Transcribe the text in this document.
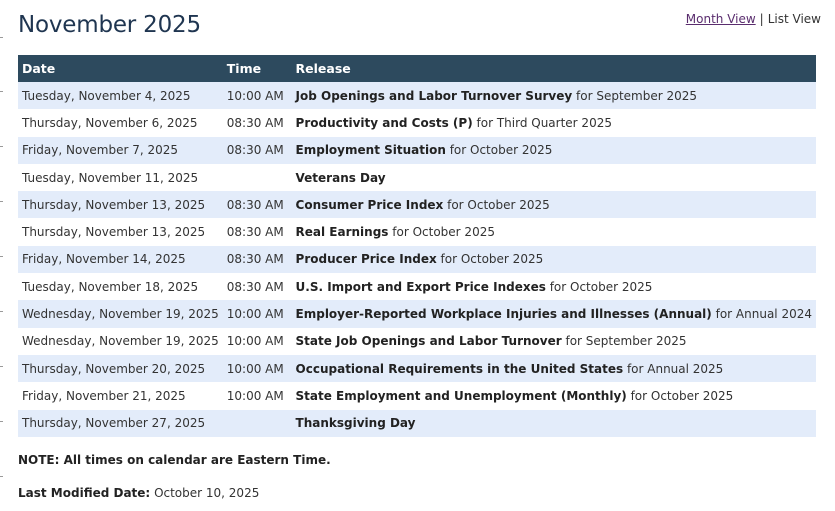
November 2025	Month View | List View
Date	Time	Release
Tuesday, November 4, 2025	10:00 AM	Job Openings and Labor Turnover Survey for September 2025
Thursday, November 6, 2025	08:30 AM	Productivity and Costs (P) for Third Quarter 2025
Friday, November 7, 2025	08:30 AM	Employment Situation for October 2025
Tuesday, November 11, 2025		Veterans Day
Thursday, November 13, 2025	08:30 AM	Consumer Price Index for October 2025
Thursday, November 13, 2025	08:30 AM	Real Earnings for October 2025
Friday, November 14, 2025	08:30 AM	Producer Price Index for October 2025
Tuesday, November 18, 2025	08:30 AM	U.S. Import and Export Price Indexes for October 2025
Wednesday, November 19, 2025	10:00 AM	Employer-Reported Workplace Injuries and Illnesses (Annual) for Annual 2024
Wednesday, November 19, 2025	10:00 AM	State Job Openings and Labor Turnover for September 2025
Thursday, November 20, 2025	10:00 AM	Occupational Requirements in the United States for Annual 2025
Friday, November 21, 2025	10:00 AM	State Employment and Unemployment (Monthly) for October 2025
Thursday, November 27, 2025		Thanksgiving Day
NOTE: All times on calendar are Eastern Time.
Last Modified Date: October 10, 2025
